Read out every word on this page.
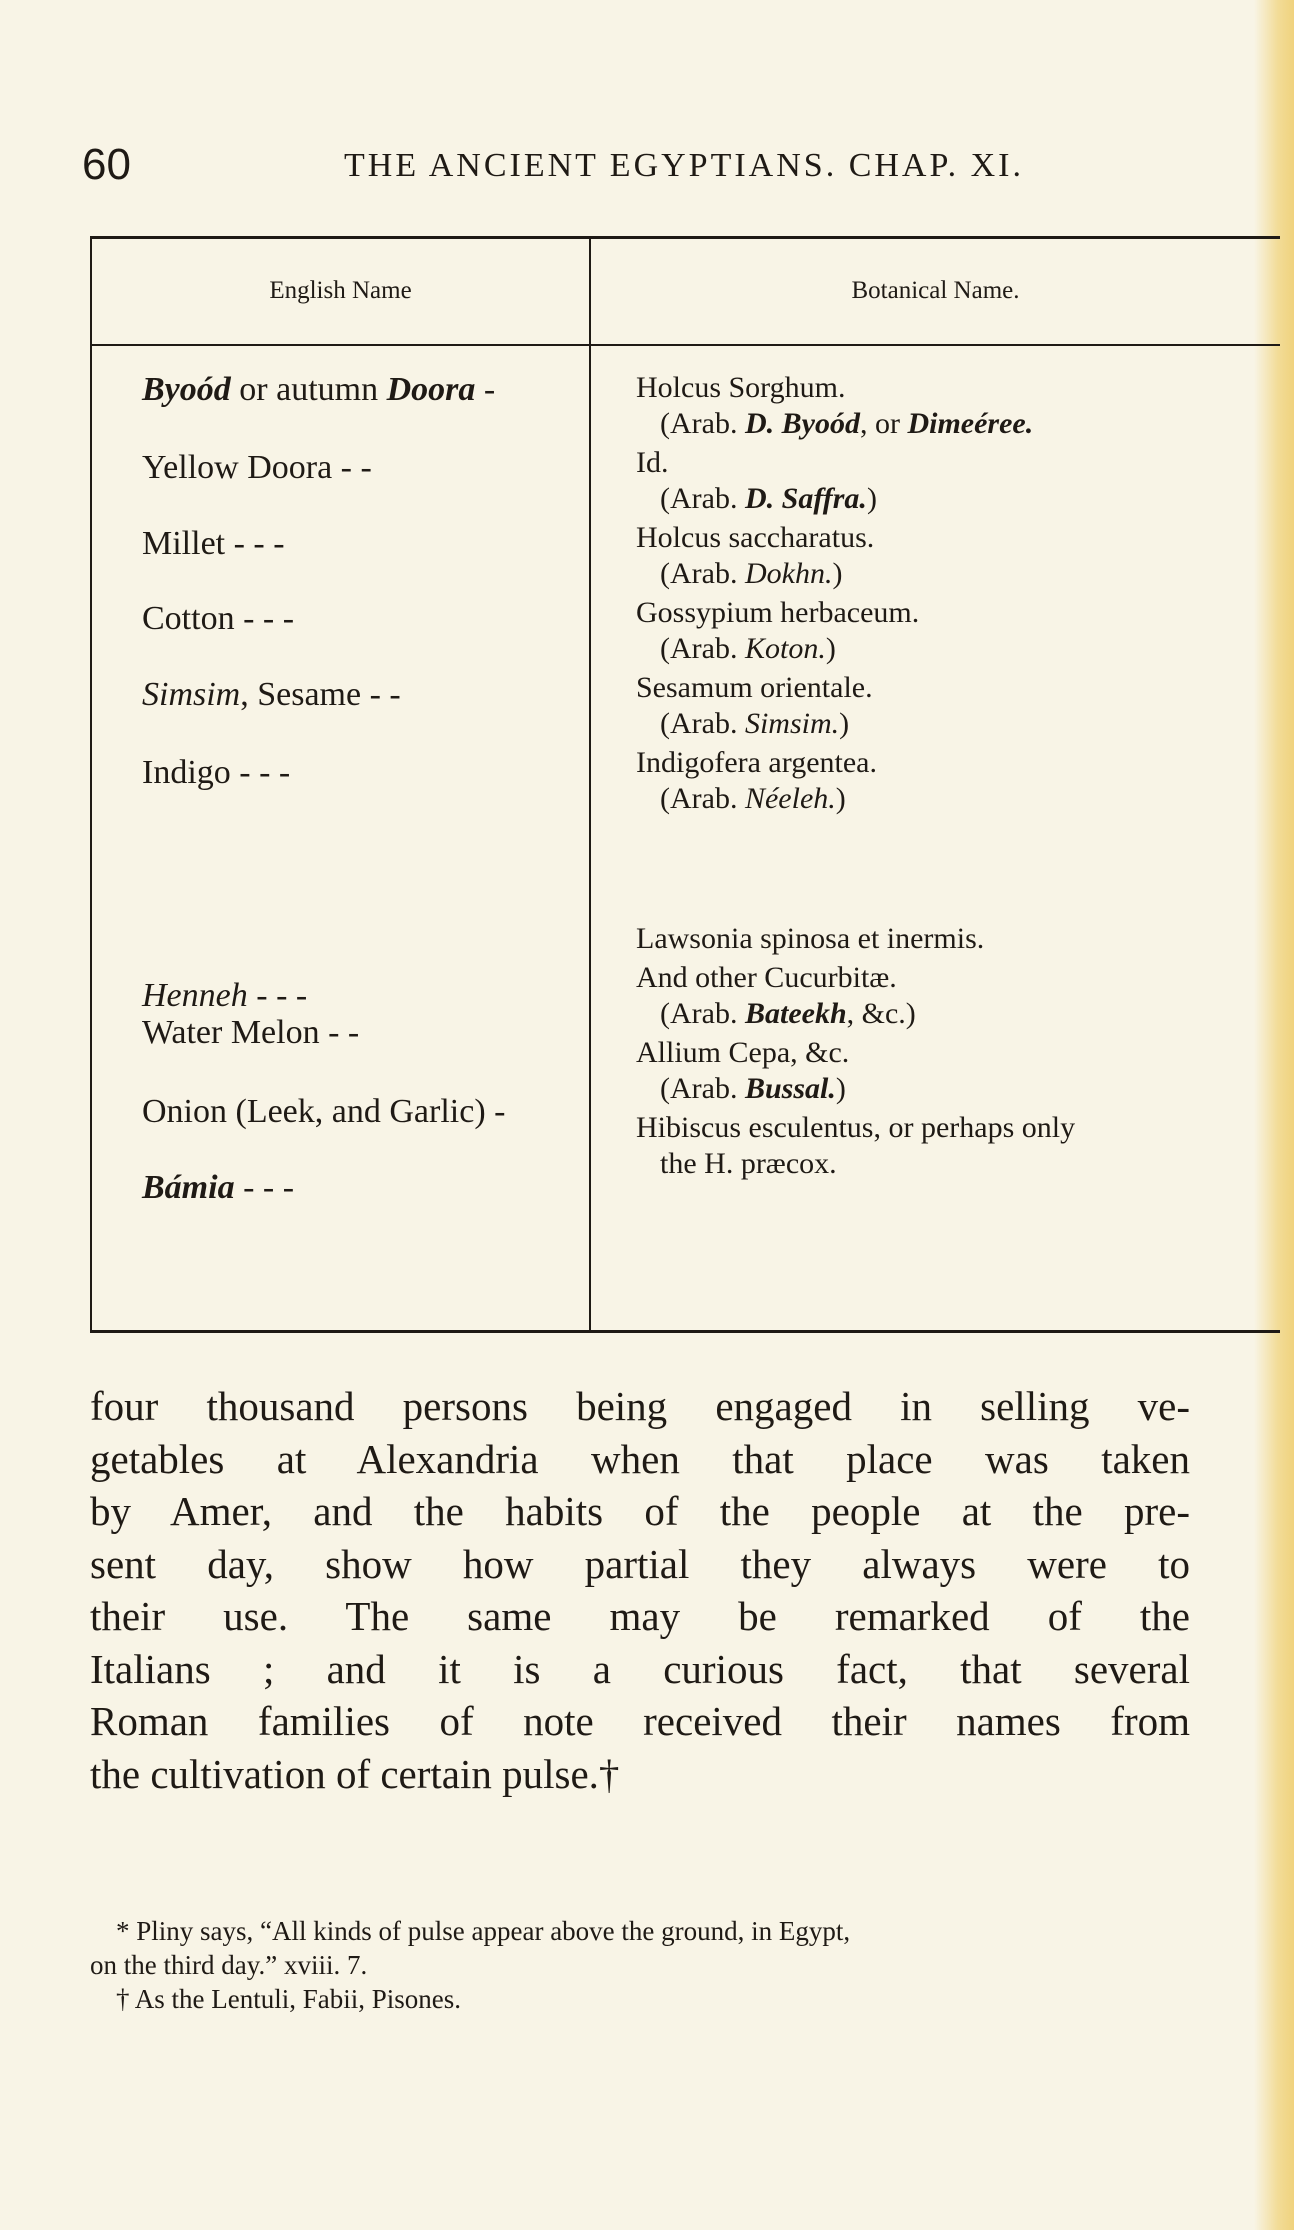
60	THE ANCIENT EGYPTIANS. CHAP. XI.
English Name	Botanical Name.
Byoód or autumn Doora -
Yellow Doora - -
Millet - - -
Cotton - - -
Simsim, Sesame - -
Indigo - - -
Henneh - - -
Water Melon - -
Onion (Leek, and Garlic) -
Bámia - - -
Holcus Sorghum.
(Arab. D. Byoód, or Dimeéree.
Id.
(Arab. D. Saffra.)
Holcus saccharatus.
(Arab. Dokhn.)
Gossypium herbaceum.
(Arab. Koton.)
Sesamum orientale.
(Arab. Simsim.)
Indigofera argentea.
(Arab. Néeleh.)
Lawsonia spinosa et inermis.
And other Cucurbitæ.
(Arab. Bateekh, &c.)
Allium Cepa, &c.
(Arab. Bussal.)
Hibiscus esculentus, or perhaps only
the H. præcox.
four thousand persons being engaged in selling ve-
getables at Alexandria when that place was taken
by Amer, and the habits of the people at the pre-
sent day, show how partial they always were to
their use. The same may be remarked of the
Italians ; and it is a curious fact, that several
Roman families of note received their names from
the cultivation of certain pulse.†
* Pliny says, “All kinds of pulse appear above the ground, in Egypt,
on the third day.” xviii. 7.
† As the Lentuli, Fabii, Pisones.
